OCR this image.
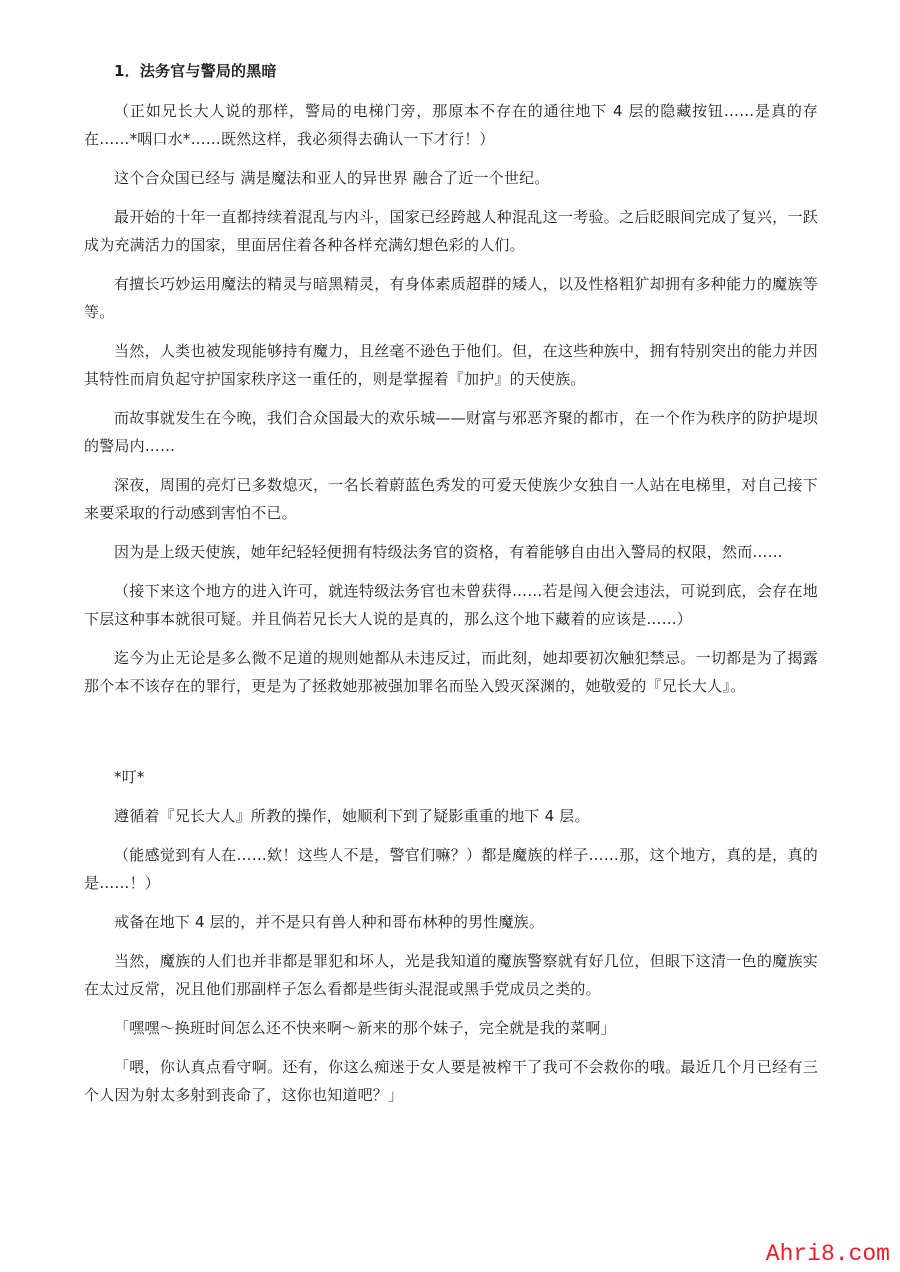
1．法务官与警局的黑暗

（正如兄长大人说的那样，警局的电梯门旁，那原本不存在的通往地下 4 层的隐藏按钮……是真的存在……*咽口水*……既然这样，我必须得去确认一下才行！）

这个合众国已经与 满是魔法和亚人的异世界 融合了近一个世纪。

最开始的十年一直都持续着混乱与内斗，国家已经跨越人种混乱这一考验。之后眨眼间完成了复兴，一跃成为充满活力的国家，里面居住着各种各样充满幻想色彩的人们。

有擅长巧妙运用魔法的精灵与暗黑精灵，有身体素质超群的矮人，以及性格粗犷却拥有多种能力的魔族等等。

当然，人类也被发现能够持有魔力，且丝毫不逊色于他们。但，在这些种族中，拥有特别突出的能力并因其特性而肩负起守护国家秩序这一重任的，则是掌握着『加护』的天使族。

而故事就发生在今晚，我们合众国最大的欢乐城——财富与邪恶齐聚的都市，在一个作为秩序的防护堤坝的警局内……

深夜，周围的亮灯已多数熄灭，一名长着蔚蓝色秀发的可爱天使族少女独自一人站在电梯里，对自己接下来要采取的行动感到害怕不已。

因为是上级天使族，她年纪轻轻便拥有特级法务官的资格，有着能够自由出入警局的权限，然而……

（接下来这个地方的进入许可，就连特级法务官也未曾获得……若是闯入便会违法，可说到底，会存在地下层这种事本就很可疑。并且倘若兄长大人说的是真的，那么这个地下藏着的应该是……）

迄今为止无论是多么微不足道的规则她都从未违反过，而此刻，她却要初次触犯禁忌。一切都是为了揭露那个本不该存在的罪行，更是为了拯救她那被强加罪名而坠入毁灭深渊的，她敬爱的『兄长大人』。

*叮*

遵循着『兄长大人』所教的操作，她顺利下到了疑影重重的地下 4 层。

（能感觉到有人在……欸！这些人不是，警官们嘛？）都是魔族的样子……那，这个地方，真的是，真的是……！）

戒备在地下 4 层的，并不是只有兽人种和哥布林种的男性魔族。

当然，魔族的人们也并非都是罪犯和坏人，光是我知道的魔族警察就有好几位，但眼下这清一色的魔族实在太过反常，况且他们那副样子怎么看都是些街头混混或黑手党成员之类的。

「嘿嘿〜换班时间怎么还不快来啊〜新来的那个妹子，完全就是我的菜啊」

「喂，你认真点看守啊。还有，你这么痴迷于女人要是被榨干了我可不会救你的哦。最近几个月已经有三个人因为射太多射到丧命了，这你也知道吧？」

Ahri8.com
